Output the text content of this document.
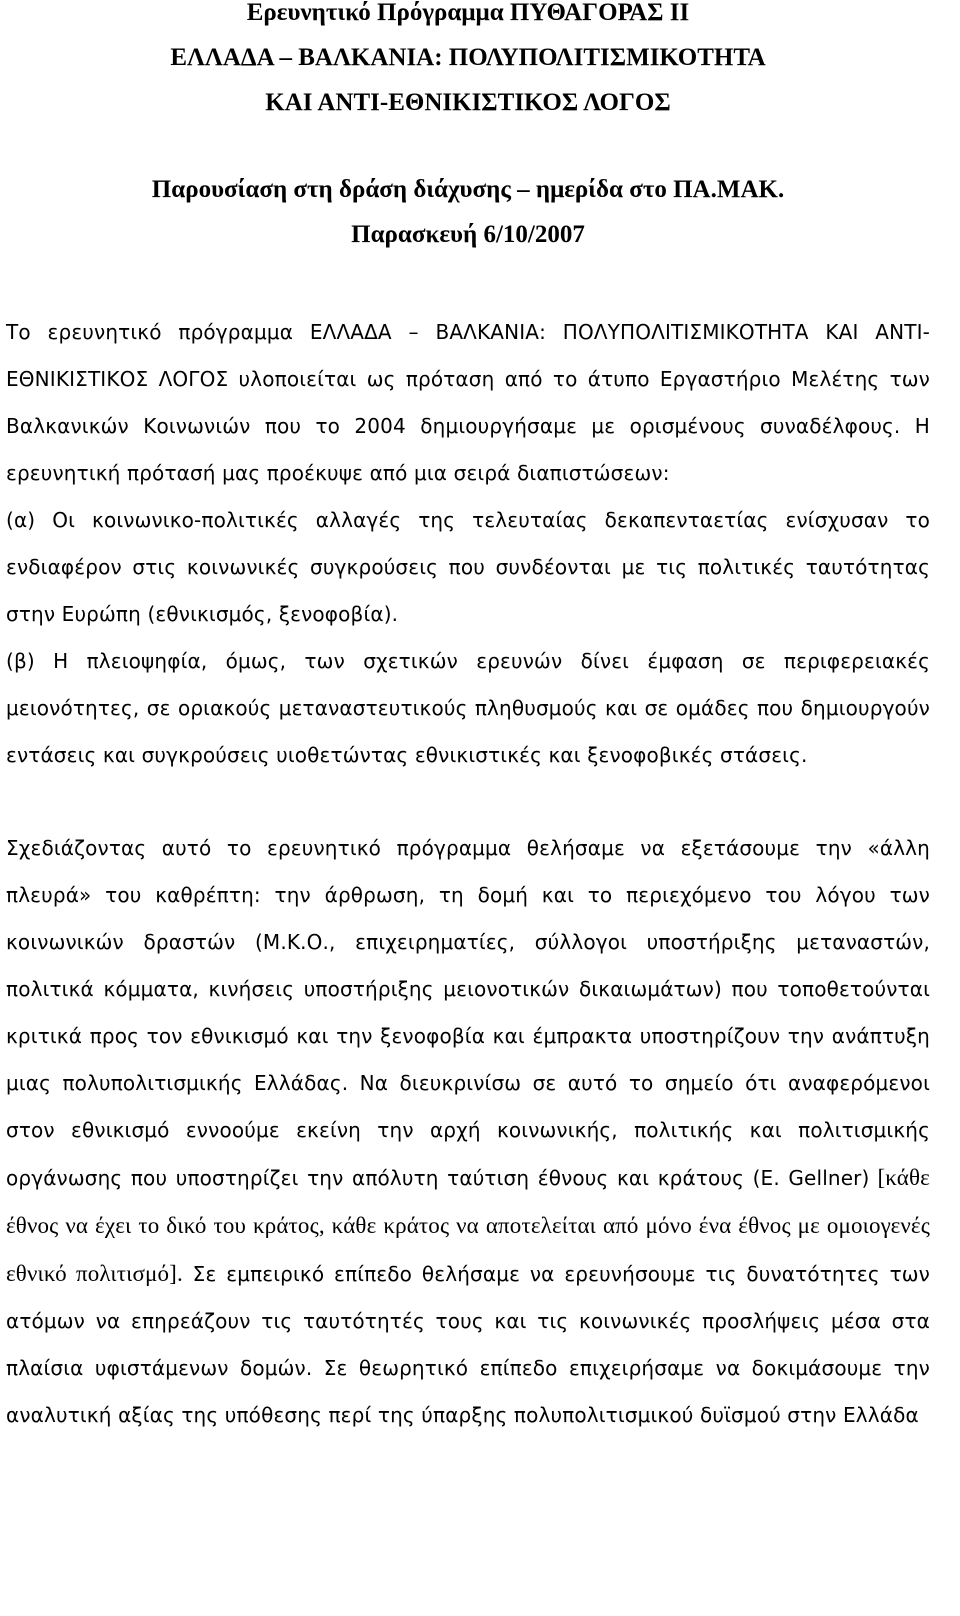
Ερευνητικό Πρόγραμμα ΠΥΘΑΓΟΡΑΣ ΙΙ

ΕΛΛΑΔΑ – ΒΑΛΚΑΝΙΑ: ΠΟΛΥΠΟΛΙΤΙΣΜΙΚΟΤΗΤΑ

ΚΑΙ ΑΝΤΙ-ΕΘΝΙΚΙΣΤΙΚΟΣ ΛΟΓΟΣ

Παρουσίαση στη δράση διάχυσης – ημερίδα στο ΠΑ.ΜΑΚ.

Παρασκευή 6/10/2007

Το ερευνητικό πρόγραμμα ΕΛΛΑΔΑ – ΒΑΛΚΑΝΙΑ: ΠΟΛΥΠΟΛΙΤΙΣΜΙΚΟΤΗΤΑ ΚΑΙ ΑΝΤΙ-ΕΘΝΙΚΙΣΤΙΚΟΣ ΛΟΓΟΣ υλοποιείται ως πρόταση από το άτυπο Εργαστήριο Μελέτης των Βαλκανικών Κοινωνιών που το 2004 δημιουργήσαμε με ορισμένους συναδέλφους. Η ερευνητική πρότασή μας προέκυψε από μια σειρά διαπιστώσεων:

(α) Οι κοινωνικο-πολιτικές αλλαγές της τελευταίας δεκαπενταετίας ενίσχυσαν το ενδιαφέρον στις κοινωνικές συγκρούσεις που συνδέονται με τις πολιτικές ταυτότητας στην Ευρώπη (εθνικισμός, ξενοφοβία).

(β) Η πλειοψηφία, όμως, των σχετικών ερευνών δίνει έμφαση σε περιφερειακές μειονότητες, σε οριακούς μεταναστευτικούς πληθυσμούς και σε ομάδες που δημιουργούν εντάσεις και συγκρούσεις υιοθετώντας εθνικιστικές και ξενοφοβικές στάσεις.

Σχεδιάζοντας αυτό το ερευνητικό πρόγραμμα θελήσαμε να εξετάσουμε την «άλλη πλευρά» του καθρέπτη: την άρθρωση, τη δομή και το περιεχόμενο του λόγου των κοινωνικών δραστών (Μ.Κ.Ο., επιχειρηματίες, σύλλογοι υποστήριξης μεταναστών, πολιτικά κόμματα, κινήσεις υποστήριξης μειονοτικών δικαιωμάτων) που τοποθετούνται κριτικά προς τον εθνικισμό και την ξενοφοβία και έμπρακτα υποστηρίζουν την ανάπτυξη μιας πολυπολιτισμικής Ελλάδας. Να διευκρινίσω σε αυτό το σημείο ότι αναφερόμενοι στον εθνικισμό εννοούμε εκείνη την αρχή κοινωνικής, πολιτικής και πολιτισμικής οργάνωσης που υποστηρίζει την απόλυτη ταύτιση έθνους και κράτους (E. Gellner) [κάθε έθνος να έχει το δικό του κράτος, κάθε κράτος να αποτελείται από μόνο ένα έθνος με ομοιογενές εθνικό πολιτισμό]. Σε εμπειρικό επίπεδο θελήσαμε να ερευνήσουμε τις δυνατότητες των ατόμων να επηρεάζουν τις ταυτότητές τους και τις κοινωνικές προσλήψεις μέσα στα πλαίσια υφιστάμενων δομών. Σε θεωρητικό επίπεδο επιχειρήσαμε να δοκιμάσουμε την αναλυτική αξίας της υπόθεσης περί της ύπαρξης πολυπολιτισμικού δυϊσμού στην Ελλάδα
